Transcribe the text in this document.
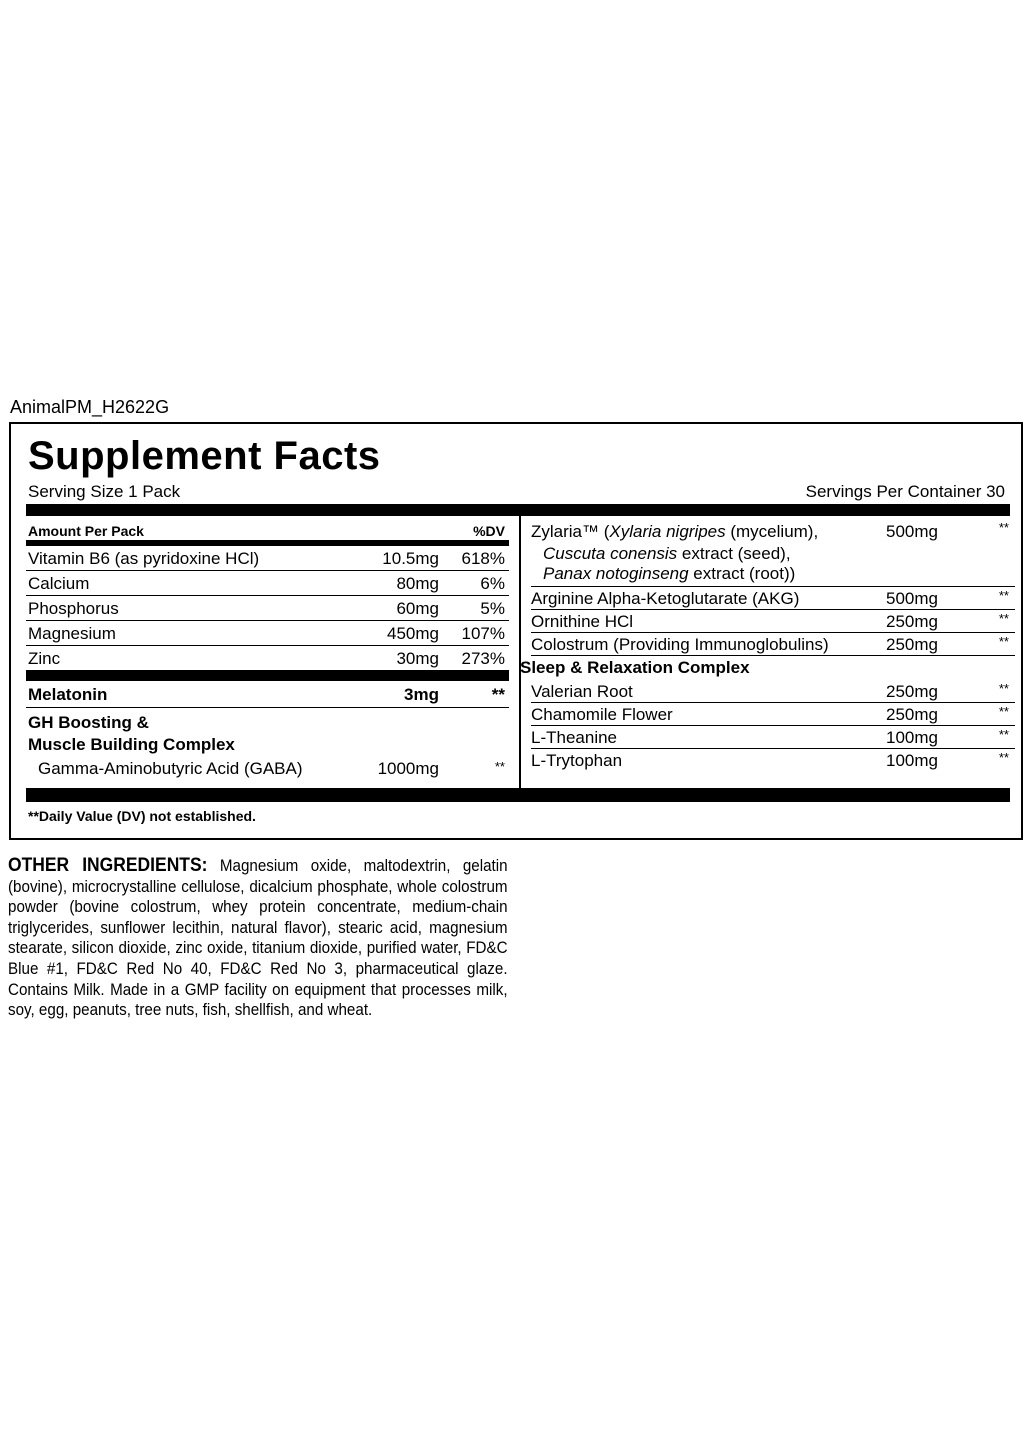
AnimalPM_H2622G
Supplement Facts
Serving Size 1 Pack	Servings Per Container 30
Amount Per Pack	%DV
Vitamin B6 (as pyridoxine HCl)	10.5mg 618%
Calcium	80mg 6%
Phosphorus	60mg 5%
Magnesium	450mg 107%
Zinc	30mg 273%
Melatonin	3mg	**
GH Boosting &
Muscle Building Complex
Gamma-Aminobutyric Acid (GABA)	1000mg	**
Zylaria™ (Xylaria nigripes (mycelium),
Cuscuta conensis extract (seed),
Panax notoginseng extract (root))
500mg	**
Arginine Alpha-Ketoglutarate (AKG)	500mg	**
Ornithine HCl	250mg	**
Colostrum (Providing Immunoglobulins)	250mg	**
Sleep & Relaxation Complex
Valerian Root	250mg	**
Chamomile Flower	250mg	**
L-Theanine	100mg	**
L-Trytophan	100mg	**
**Daily Value (DV) not established.
OTHER INGREDIENTS: Magnesium oxide, maltodextrin, gelatin (bovine), microcrystalline cellulose, dicalcium phosphate, whole colostrum powder (bovine colostrum, whey protein concentrate, medium-chain triglycerides, sunflower lecithin, natural flavor), stearic acid, magnesium stearate, silicon dioxide, zinc oxide, titanium dioxide, purified water, FD&C Blue #1, FD&C Red No 40, FD&C Red No 3, pharmaceutical glaze. Contains Milk. Made in a GMP facility on equipment that processes milk, soy, egg, peanuts, tree nuts, fish, shellfish, and wheat.
